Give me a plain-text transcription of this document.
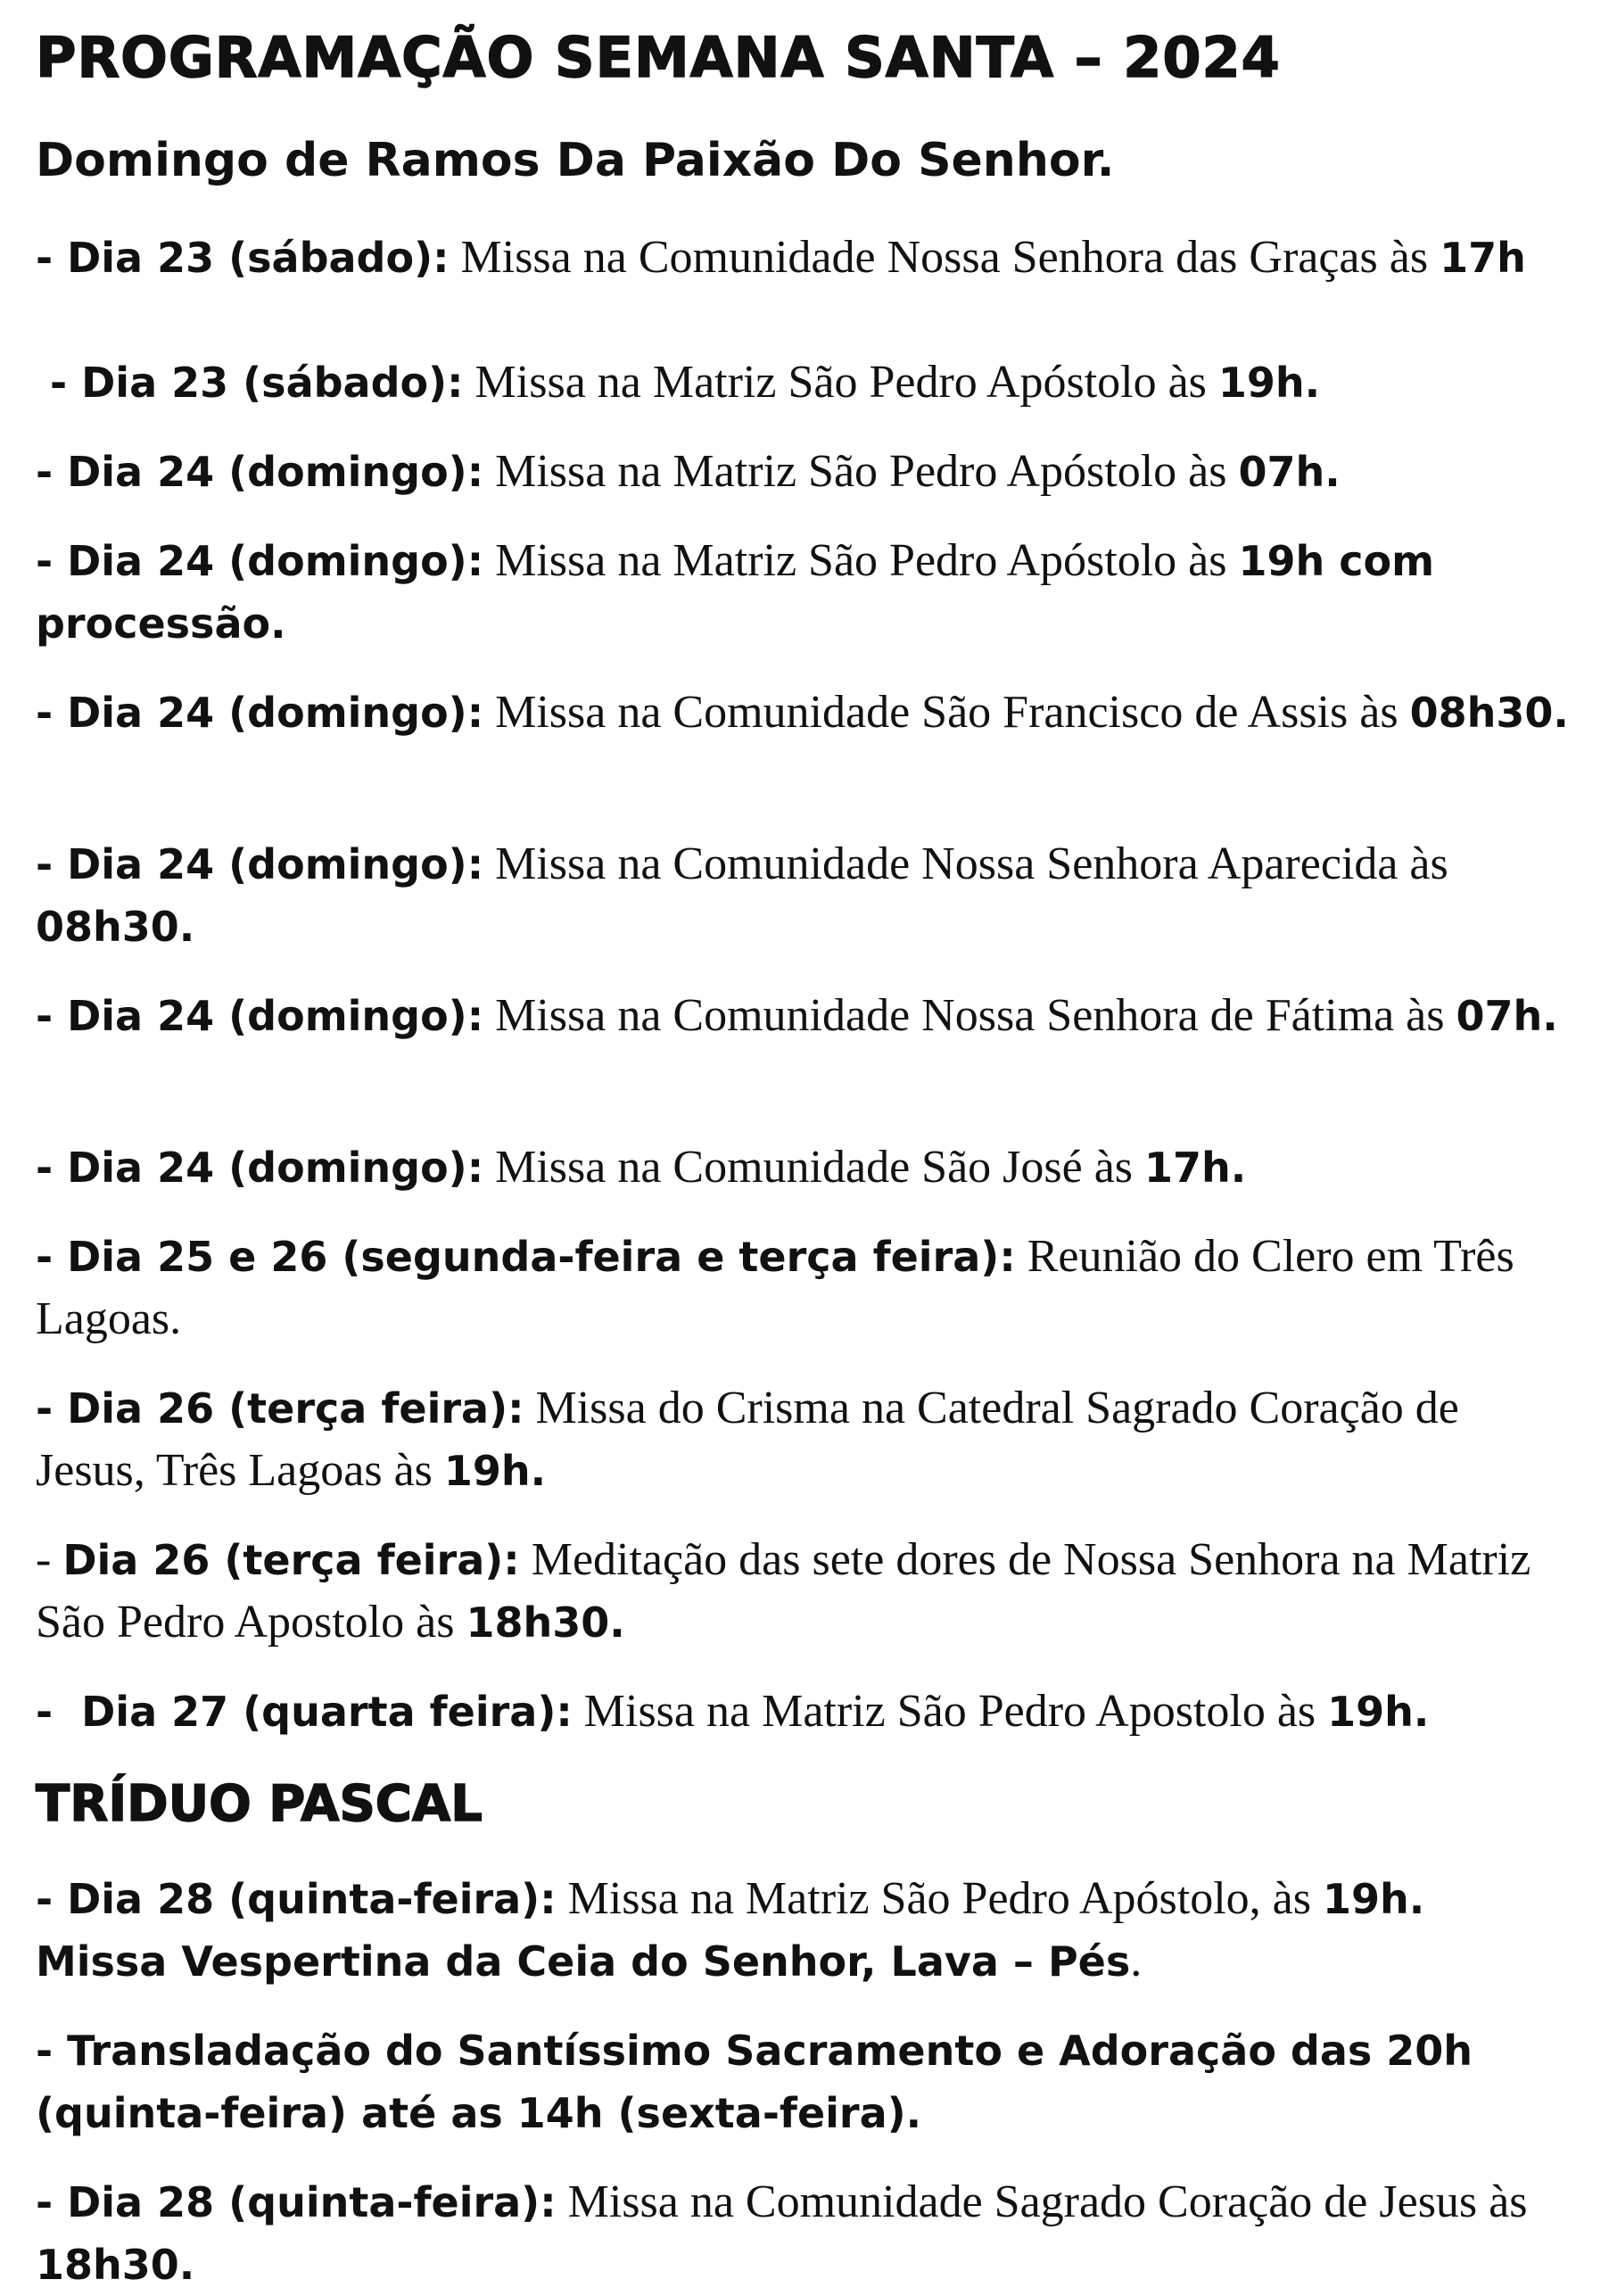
PROGRAMAÇÃO SEMANA SANTA – 2024
Domingo de Ramos Da Paixão Do Senhor.
- Dia 23 (sábado): Missa na Comunidade Nossa Senhora das Graças às 17h
- Dia 23 (sábado): Missa na Matriz São Pedro Apóstolo às 19h.
- Dia 24 (domingo): Missa na Matriz São Pedro Apóstolo às 07h.
- Dia 24 (domingo): Missa na Matriz São Pedro Apóstolo às 19h com processão.
- Dia 24 (domingo): Missa na Comunidade São Francisco de Assis às 08h30.
- Dia 24 (domingo): Missa na Comunidade Nossa Senhora Aparecida às 08h30.
- Dia 24 (domingo): Missa na Comunidade Nossa Senhora de Fátima às 07h.
- Dia 24 (domingo): Missa na Comunidade São José às 17h.
- Dia 25 e 26 (segunda-feira e terça feira): Reunião do Clero em Três Lagoas.
- Dia 26 (terça feira): Missa do Crisma na Catedral Sagrado Coração de Jesus, Três Lagoas às 19h.
- Dia 26 (terça feira): Meditação das sete dores de Nossa Senhora na Matriz São Pedro Apostolo às 18h30.
-  Dia 27 (quarta feira): Missa na Matriz São Pedro Apostolo às 19h.
TRÍDUO PASCAL
- Dia 28 (quinta-feira): Missa na Matriz São Pedro Apóstolo, às 19h. Missa Vespertina da Ceia do Senhor, Lava – Pés.
- Transladação do Santíssimo Sacramento e Adoração das 20h (quinta-feira) até as 14h (sexta-feira).
- Dia 28 (quinta-feira): Missa na Comunidade Sagrado Coração de Jesus às 18h30.
